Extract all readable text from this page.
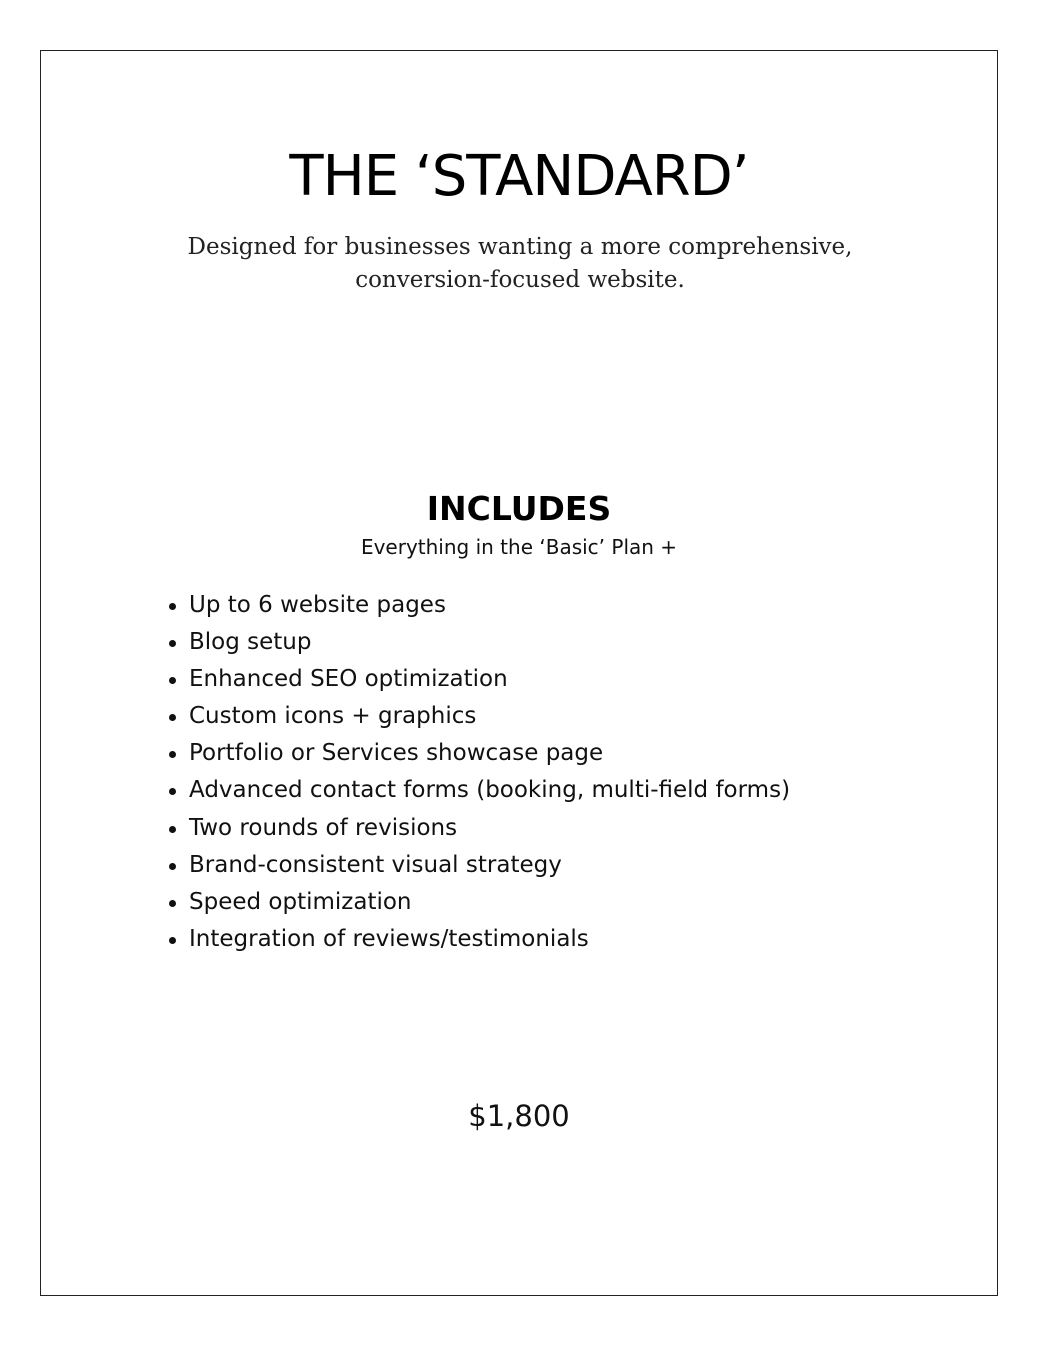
THE ‘STANDARD’

Designed for businesses wanting a more comprehensive, conversion-focused website.

INCLUDES

Everything in the ‘Basic’ Plan +

Up to 6 website pages
Blog setup
Enhanced SEO optimization
Custom icons + graphics
Portfolio or Services showcase page
Advanced contact forms (booking, multi-field forms)
Two rounds of revisions
Brand-consistent visual strategy
Speed optimization
Integration of reviews/testimonials

$1,800
